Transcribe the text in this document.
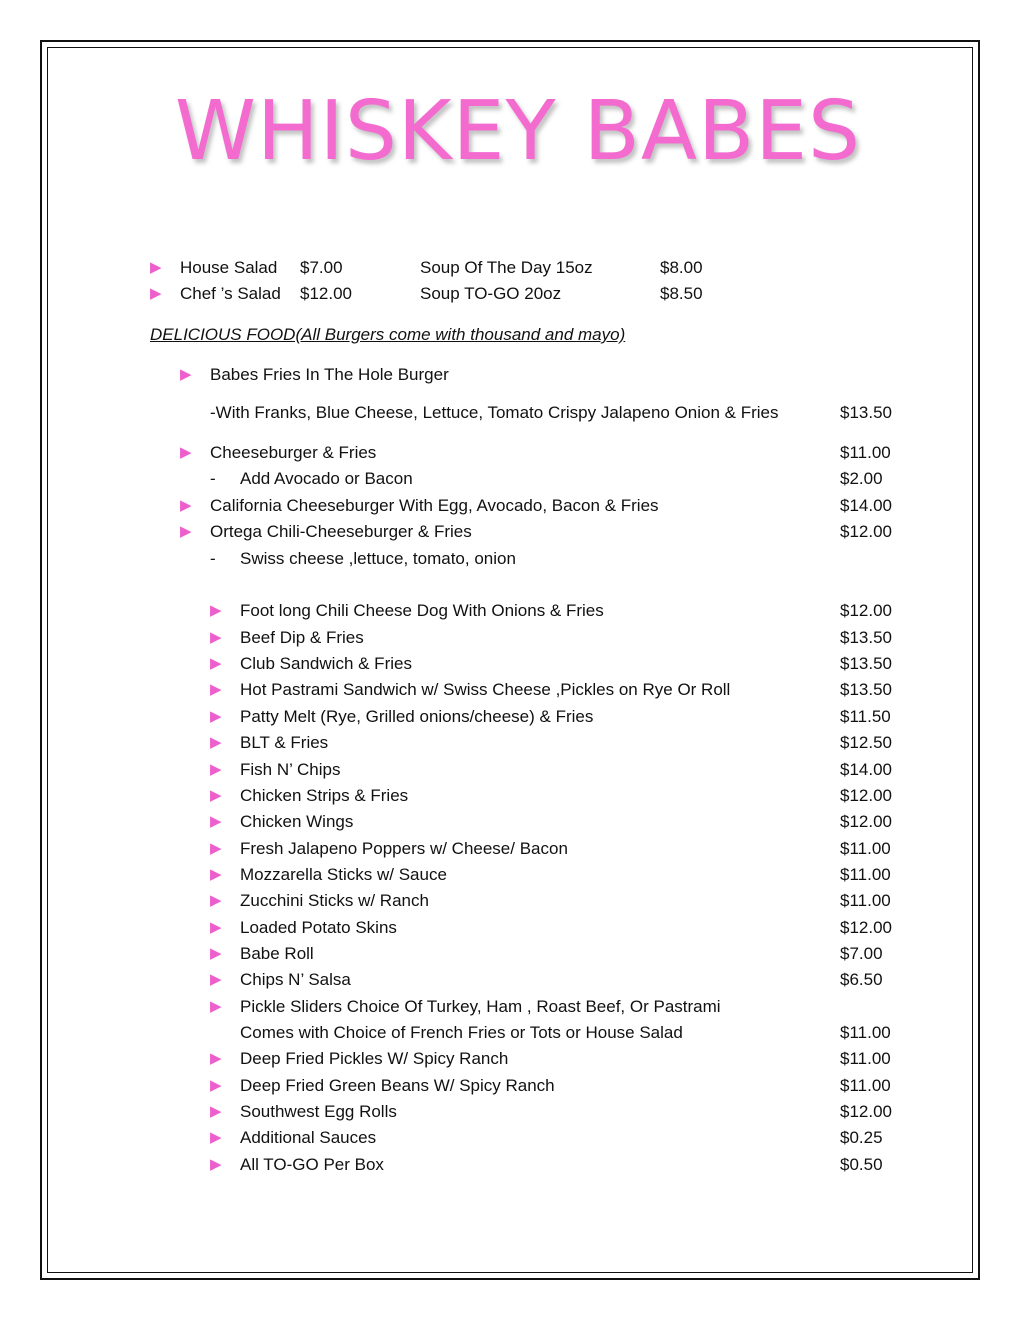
WHISKEY BABES
▶ House Salad $7.00	Soup Of The Day 15oz	$8.00
▶ Chef ’s Salad $12.00	Soup TO-GO 20oz	$8.50
DELICIOUS FOOD(All Burgers come with thousand and mayo)
▶ Babes Fries In The Hole Burger
-With Franks, Blue Cheese, Lettuce, Tomato Crispy Jalapeno Onion & Fries	$13.50
▶ Cheeseburger & Fries	$11.00
- Add Avocado or Bacon	$2.00
▶ California Cheeseburger With Egg, Avocado, Bacon & Fries	$14.00
▶ Ortega Chili-Cheeseburger & Fries	$12.00
- Swiss cheese ,lettuce, tomato, onion
▶ Foot long Chili Cheese Dog With Onions & Fries	$12.00
▶ Beef Dip & Fries	$13.50
▶ Club Sandwich & Fries	$13.50
▶ Hot Pastrami Sandwich w/ Swiss Cheese ,Pickles on Rye Or Roll	$13.50
▶ Patty Melt (Rye, Grilled onions/cheese) & Fries	$11.50
▶ BLT & Fries	$12.50
▶ Fish N’ Chips	$14.00
▶ Chicken Strips & Fries	$12.00
▶ Chicken Wings	$12.00
▶ Fresh Jalapeno Poppers w/ Cheese/ Bacon	$11.00
▶ Mozzarella Sticks w/ Sauce	$11.00
▶ Zucchini Sticks w/ Ranch	$11.00
▶ Loaded Potato Skins	$12.00
▶ Babe Roll	$7.00
▶ Chips N’ Salsa	$6.50
▶ Pickle Sliders Choice Of Turkey, Ham , Roast Beef, Or Pastrami
Comes with Choice of French Fries or Tots or House Salad	$11.00
▶ Deep Fried Pickles W/ Spicy Ranch	$11.00
▶ Deep Fried Green Beans W/ Spicy Ranch	$11.00
▶ Southwest Egg Rolls	$12.00
▶ Additional Sauces	$0.25
▶ All TO-GO Per Box	$0.50
